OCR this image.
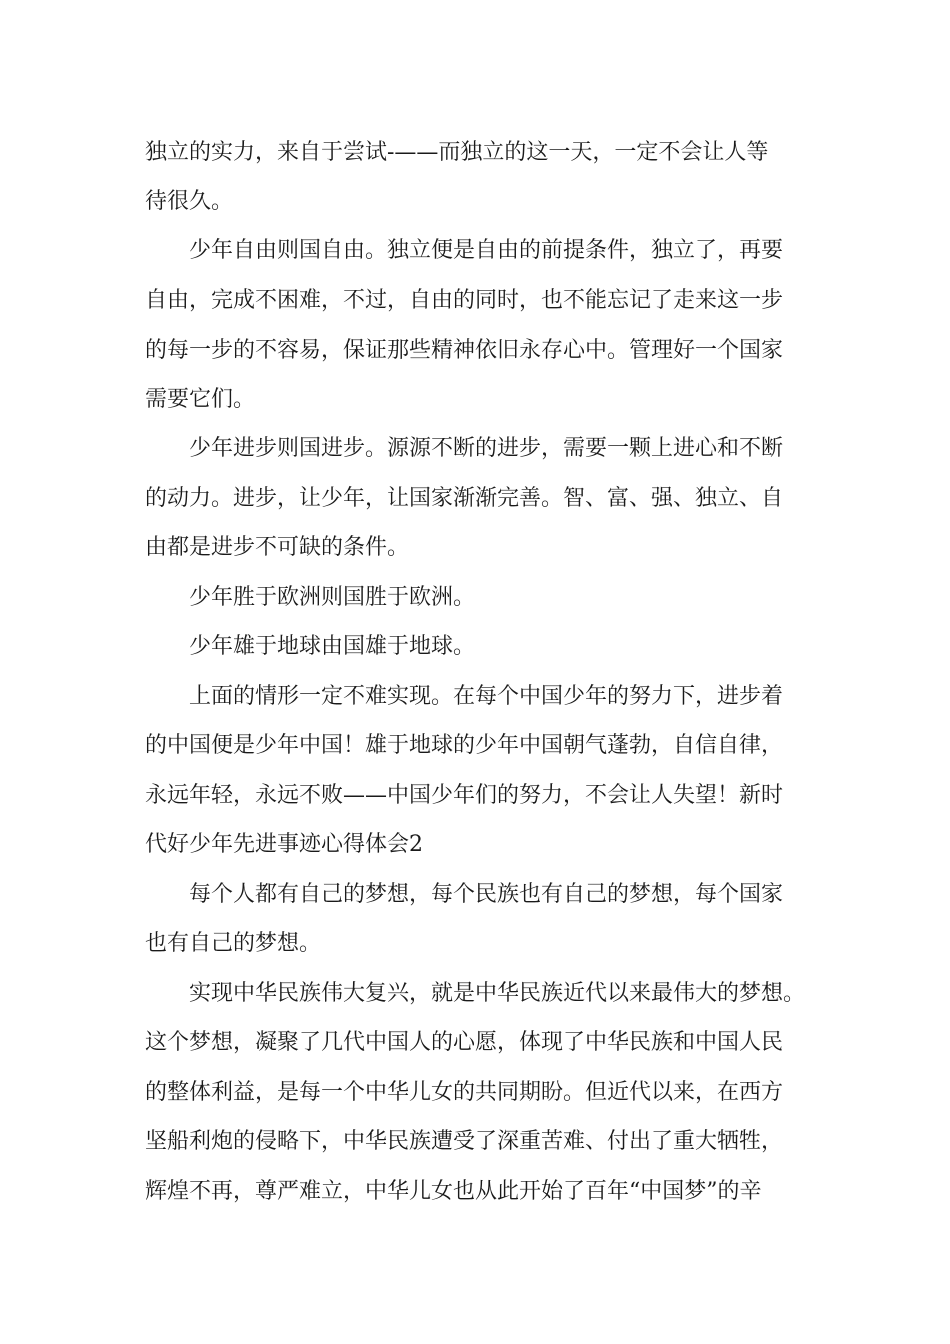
独立的实力，来自于尝试-——而独立的这一天，一定不会让人等
待很久。
少年自由则国自由。独立便是自由的前提条件，独立了，再要
自由，完成不困难，不过，自由的同时，也不能忘记了走来这一步
的每一步的不容易，保证那些精神依旧永存心中。管理好一个国家
需要它们。
少年进步则国进步。源源不断的进步，需要一颗上进心和不断
的动力。进步，让少年，让国家渐渐完善。智、富、强、独立、自
由都是进步不可缺的条件。
少年胜于欧洲则国胜于欧洲。
少年雄于地球由国雄于地球。
上面的情形一定不难实现。在每个中国少年的努力下，进步着
的中国便是少年中国！雄于地球的少年中国朝气蓬勃，自信自律，
永远年轻，永远不败——中国少年们的努力，不会让人失望！新时
代好少年先进事迹心得体会2
每个人都有自己的梦想，每个民族也有自己的梦想，每个国家
也有自己的梦想。
实现中华民族伟大复兴，就是中华民族近代以来最伟大的梦想。
这个梦想，凝聚了几代中国人的心愿，体现了中华民族和中国人民
的整体利益，是每一个中华儿女的共同期盼。但近代以来，在西方
坚船利炮的侵略下，中华民族遭受了深重苦难、付出了重大牺牲，
辉煌不再，尊严难立，中华儿女也从此开始了百年“中国梦”的辛
